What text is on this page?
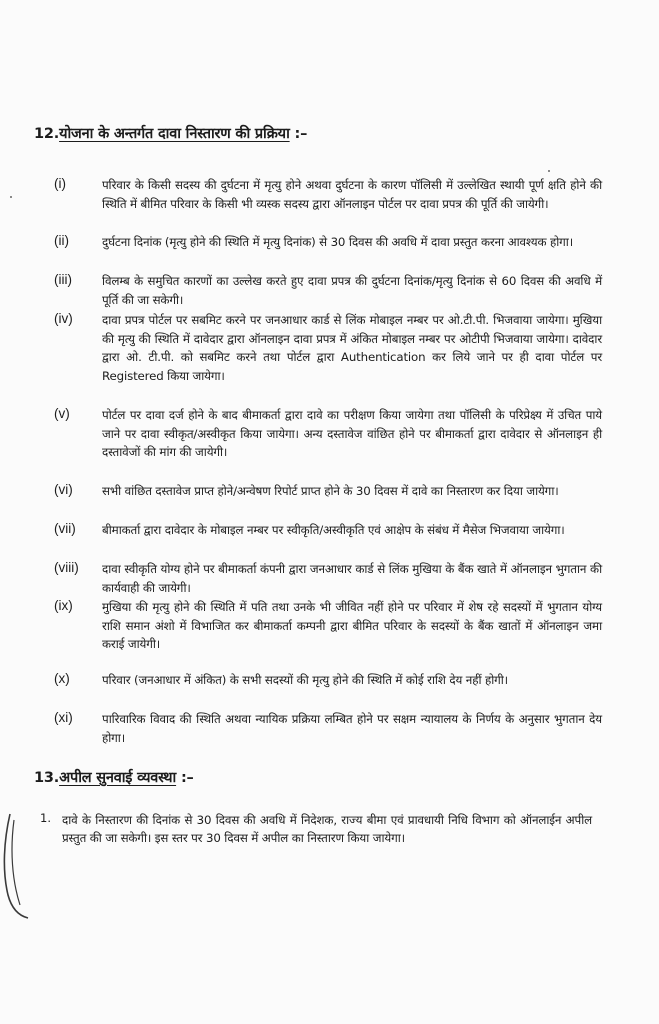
12.योजना के अन्तर्गत दावा निस्तारण की प्रक्रिया :–
(i)	परिवार के किसी सदस्य की दुर्घटना में मृत्यु होने अथवा दुर्घटना के कारण पॉलिसी में उल्लेखित स्थायी पूर्ण क्षति होने की स्थिति में बीमित परिवार के किसी भी व्यस्क सदस्य द्वारा ऑनलाइन पोर्टल पर दावा प्रपत्र की पूर्ति की जायेगी।
(ii)	दुर्घटना दिनांक (मृत्यु होने की स्थिति में मृत्यु दिनांक) से 30 दिवस की अवधि में दावा प्रस्तुत करना आवश्यक होगा।
(iii)	विलम्ब के समुचित कारणों का उल्लेख करते हुए दावा प्रपत्र की दुर्घटना दिनांक/मृत्यु दिनांक से 60 दिवस की अवधि में पूर्ति की जा सकेगी।
(iv)	दावा प्रपत्र पोर्टल पर सबमिट करने पर जनआधार कार्ड से लिंक मोबाइल नम्बर पर ओ.टी.पी. भिजवाया जायेगा। मुखिया की मृत्यु की स्थिति में दावेदार द्वारा ऑनलाइन दावा प्रपत्र में अंकित मोबाइल नम्बर पर ओटीपी भिजवाया जायेगा। दावेदार द्वारा ओ. टी.पी. को सबमिट करने तथा पोर्टल द्वारा Authentication कर लिये जाने पर ही दावा पोर्टल पर Registered किया जायेगा।
(v)	पोर्टल पर दावा दर्ज होने के बाद बीमाकर्ता द्वारा दावे का परीक्षण किया जायेगा तथा पॉलिसी के परिप्रेक्ष्य में उचित पाये जाने पर दावा स्वीकृत/अस्वीकृत किया जायेगा। अन्य दस्तावेज वांछित होने पर बीमाकर्ता द्वारा दावेदार से ऑनलाइन ही दस्तावेजों की मांग की जायेगी।
(vi)	सभी वांछित दस्तावेज प्राप्त होने/अन्वेषण रिपोर्ट प्राप्त होने के 30 दिवस में दावे का निस्तारण कर दिया जायेगा।
(vii)	बीमाकर्ता द्वारा दावेदार के मोबाइल नम्बर पर स्वीकृति/अस्वीकृति एवं आक्षेप के संबंध में मैसेज भिजवाया जायेगा।
(viii)	दावा स्वीकृति योग्य होने पर बीमाकर्ता कंपनी द्वारा जनआधार कार्ड से लिंक मुखिया के बैंक खाते में ऑनलाइन भुगतान की कार्यवाही की जायेगी।
(ix)	मुखिया की मृत्यु होने की स्थिति में पति तथा उनके भी जीवित नहीं होने पर परिवार में शेष रहे सदस्यों में भुगतान योग्य राशि समान अंशो में विभाजित कर बीमाकर्ता कम्पनी द्वारा बीमित परिवार के सदस्यों के बैंक खातों में ऑनलाइन जमा कराई जायेगी।
(x)	परिवार (जनआधार में अंकित) के सभी सदस्यों की मृत्यु होने की स्थिति में कोई राशि देय नहीं होगी।
(xi)	पारिवारिक विवाद की स्थिति अथवा न्यायिक प्रक्रिया लम्बित होने पर सक्षम न्यायालय के निर्णय के अनुसार भुगतान देय होगा।
13.अपील सुनवाई व्यवस्था :–
1. दावे के निस्तारण की दिनांक से 30 दिवस की अवधि में निदेशक, राज्य बीमा एवं प्रावधायी निधि विभाग को ऑनलाईन अपील प्रस्तुत की जा सकेगी। इस स्तर पर 30 दिवस में अपील का निस्तारण किया जायेगा।
